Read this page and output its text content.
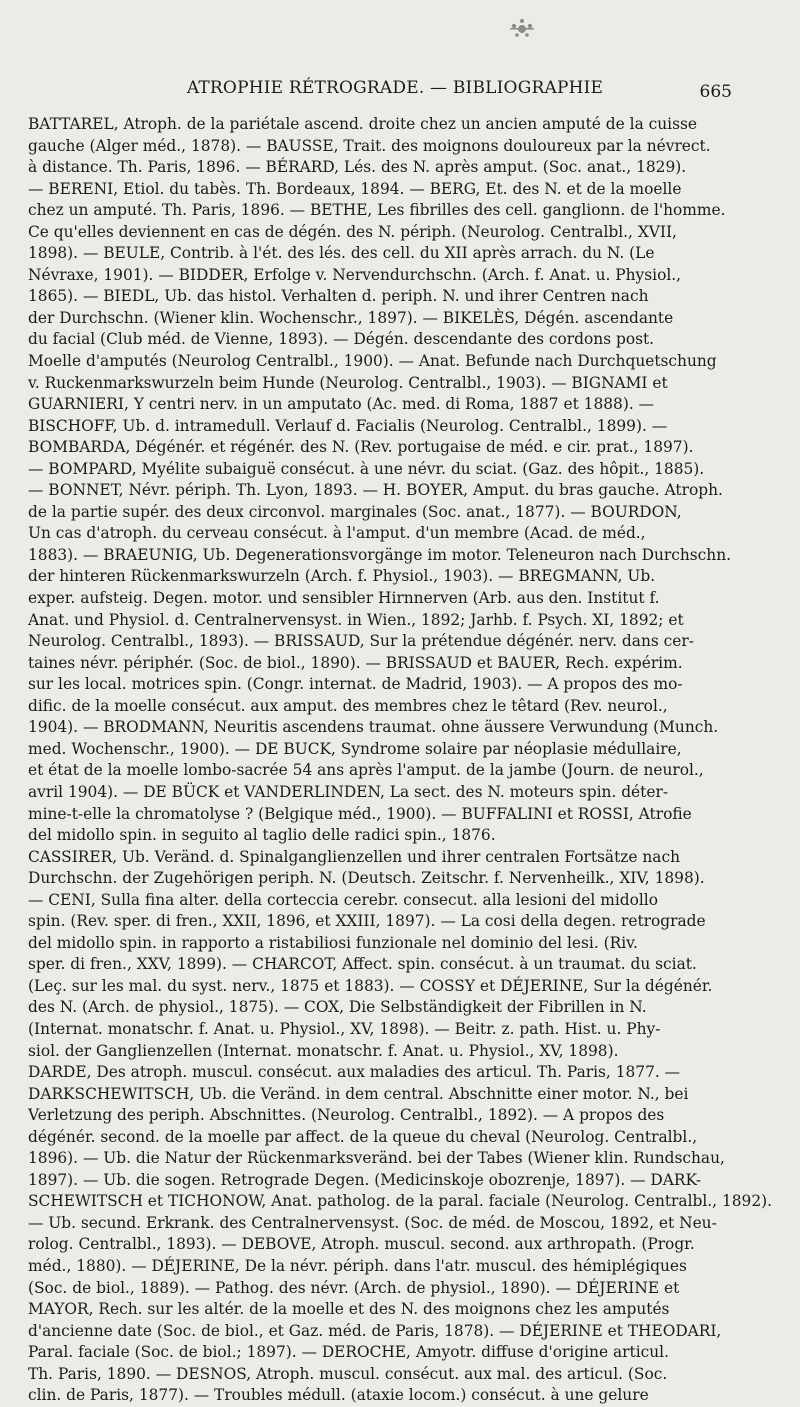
ATROPHIE RÉTROGRADE. — BIBLIOGRAPHIE	665
BATTAREL, Atroph. de la pariétale ascend. droite chez un ancien amputé de la cuisse
gauche (Alger méd., 1878). — BAUSSE, Trait. des moignons douloureux par la névrect.
à distance. Th. Paris, 1896. — BÉRARD, Lés. des N. après amput. (Soc. anat., 1829).
— BERENI, Etiol. du tabès. Th. Bordeaux, 1894. — BERG, Et. des N. et de la moelle
chez un amputé. Th. Paris, 1896. — BETHE, Les fibrilles des cell. ganglionn. de l'homme.
Ce qu'elles deviennent en cas de dégén. des N. périph. (Neurolog. Centralbl., XVII,
1898). — BEULE, Contrib. à l'ét. des lés. des cell. du XII après arrach. du N. (Le
Névraxe, 1901). — BIDDER, Erfolge v. Nervendurchschn. (Arch. f. Anat. u. Physiol.,
1865). — BIEDL, Ub. das histol. Verhalten d. periph. N. und ihrer Centren nach
der Durchschn. (Wiener klin. Wochenschr., 1897). — BIKELÈS, Dégén. ascendante
du facial (Club méd. de Vienne, 1893). — Dégén. descendante des cordons post.
Moelle d'amputés (Neurolog Centralbl., 1900). — Anat. Befunde nach Durchquetschung
v. Ruckenmarkswurzeln beim Hunde (Neurolog. Centralbl., 1903). — BIGNAMI et
GUARNIERI, Y centri nerv. in un amputato (Ac. med. di Roma, 1887 et 1888). —
BISCHOFF, Ub. d. intramedull. Verlauf d. Facialis (Neurolog. Centralbl., 1899). —
BOMBARDA, Dégénér. et régénér. des N. (Rev. portugaise de méd. e cir. prat., 1897).
— BOMPARD, Myélite subaiguë consécut. à une névr. du sciat. (Gaz. des hôpit., 1885).
— BONNET, Névr. périph. Th. Lyon, 1893. — H. BOYER, Amput. du bras gauche. Atroph.
de la partie supér. des deux circonvol. marginales (Soc. anat., 1877). — BOURDON,
Un cas d'atroph. du cerveau consécut. à l'amput. d'un membre (Acad. de méd.,
1883). — BRAEUNIG, Ub. Degenerationsvorgänge im motor. Teleneuron nach Durchschn.
der hinteren Rückenmarkswurzeln (Arch. f. Physiol., 1903). — BREGMANN, Ub.
exper. aufsteig. Degen. motor. und sensibler Hirnnerven (Arb. aus den. Institut f.
Anat. und Physiol. d. Centralnervensyst. in Wien., 1892; Jarhb. f. Psych. XI, 1892; et
Neurolog. Centralbl., 1893). — BRISSAUD, Sur la prétendue dégénér. nerv. dans cer-
taines névr. périphér. (Soc. de biol., 1890). — BRISSAUD et BAUER, Rech. expérim.
sur les local. motrices spin. (Congr. internat. de Madrid, 1903). — A propos des mo-
dific. de la moelle consécut. aux amput. des membres chez le têtard (Rev. neurol.,
1904). — BRODMANN, Neuritis ascendens traumat. ohne äussere Verwundung (Munch.
med. Wochenschr., 1900). — DE BUCK, Syndrome solaire par néoplasie médullaire,
et état de la moelle lombo-sacrée 54 ans après l'amput. de la jambe (Journ. de neurol.,
avril 1904). — DE BÜCK et VANDERLINDEN, La sect. des N. moteurs spin. déter-
mine-t-elle la chromatolyse ? (Belgique méd., 1900). — BUFFALINI et ROSSI, Atrofie
del midollo spin. in seguito al taglio delle radici spin., 1876.
CASSIRER, Ub. Veränd. d. Spinalganglienzellen und ihrer centralen Fortsätze nach
Durchschn. der Zugehörigen periph. N. (Deutsch. Zeitschr. f. Nervenheilk., XIV, 1898).
— CENI, Sulla fina alter. della corteccia cerebr. consecut. alla lesioni del midollo
spin. (Rev. sper. di fren., XXII, 1896, et XXIII, 1897). — La cosi della degen. retrograde
del midollo spin. in rapporto a ristabiliosi funzionale nel dominio del lesi. (Riv.
sper. di fren., XXV, 1899). — CHARCOT, Affect. spin. consécut. à un traumat. du sciat.
(Leç. sur les mal. du syst. nerv., 1875 et 1883). — COSSY et DÉJERINE, Sur la dégénér.
des N. (Arch. de physiol., 1875). — COX, Die Selbständigkeit der Fibrillen in N.
(Internat. monatschr. f. Anat. u. Physiol., XV, 1898). — Beitr. z. path. Hist. u. Phy-
siol. der Ganglienzellen (Internat. monatschr. f. Anat. u. Physiol., XV, 1898).
DARDE, Des atroph. muscul. consécut. aux maladies des articul. Th. Paris, 1877. —
DARKSCHEWITSCH, Ub. die Veränd. in dem central. Abschnitte einer motor. N., bei
Verletzung des periph. Abschnittes. (Neurolog. Centralbl., 1892). — A propos des
dégénér. second. de la moelle par affect. de la queue du cheval (Neurolog. Centralbl.,
1896). — Ub. die Natur der Rückenmarksveränd. bei der Tabes (Wiener klin. Rundschau,
1897). — Ub. die sogen. Retrograde Degen. (Medicinskoje obozrenje, 1897). — DARK-
SCHEWITSCH et TICHONOW, Anat. patholog. de la paral. faciale (Neurolog. Centralbl., 1892).
— Ub. secund. Erkrank. des Centralnervensyst. (Soc. de méd. de Moscou, 1892, et Neu-
rolog. Centralbl., 1893). — DEBOVE, Atroph. muscul. second. aux arthropath. (Progr.
méd., 1880). — DÉJERINE, De la névr. périph. dans l'atr. muscul. des hémiplégiques
(Soc. de biol., 1889). — Pathog. des névr. (Arch. de physiol., 1890). — DÉJERINE et
MAYOR, Rech. sur les altér. de la moelle et des N. des moignons chez les amputés
d'ancienne date (Soc. de biol., et Gaz. méd. de Paris, 1878). — DÉJERINE et THEODARI,
Paral. faciale (Soc. de biol.; 1897). — DEROCHE, Amyotr. diffuse d'origine articul.
Th. Paris, 1890. — DESNOS, Atroph. muscul. consécut. aux mal. des articul. (Soc.
clin. de Paris, 1877). — Troubles médull. (ataxie locom.) consécut. à une gelure
